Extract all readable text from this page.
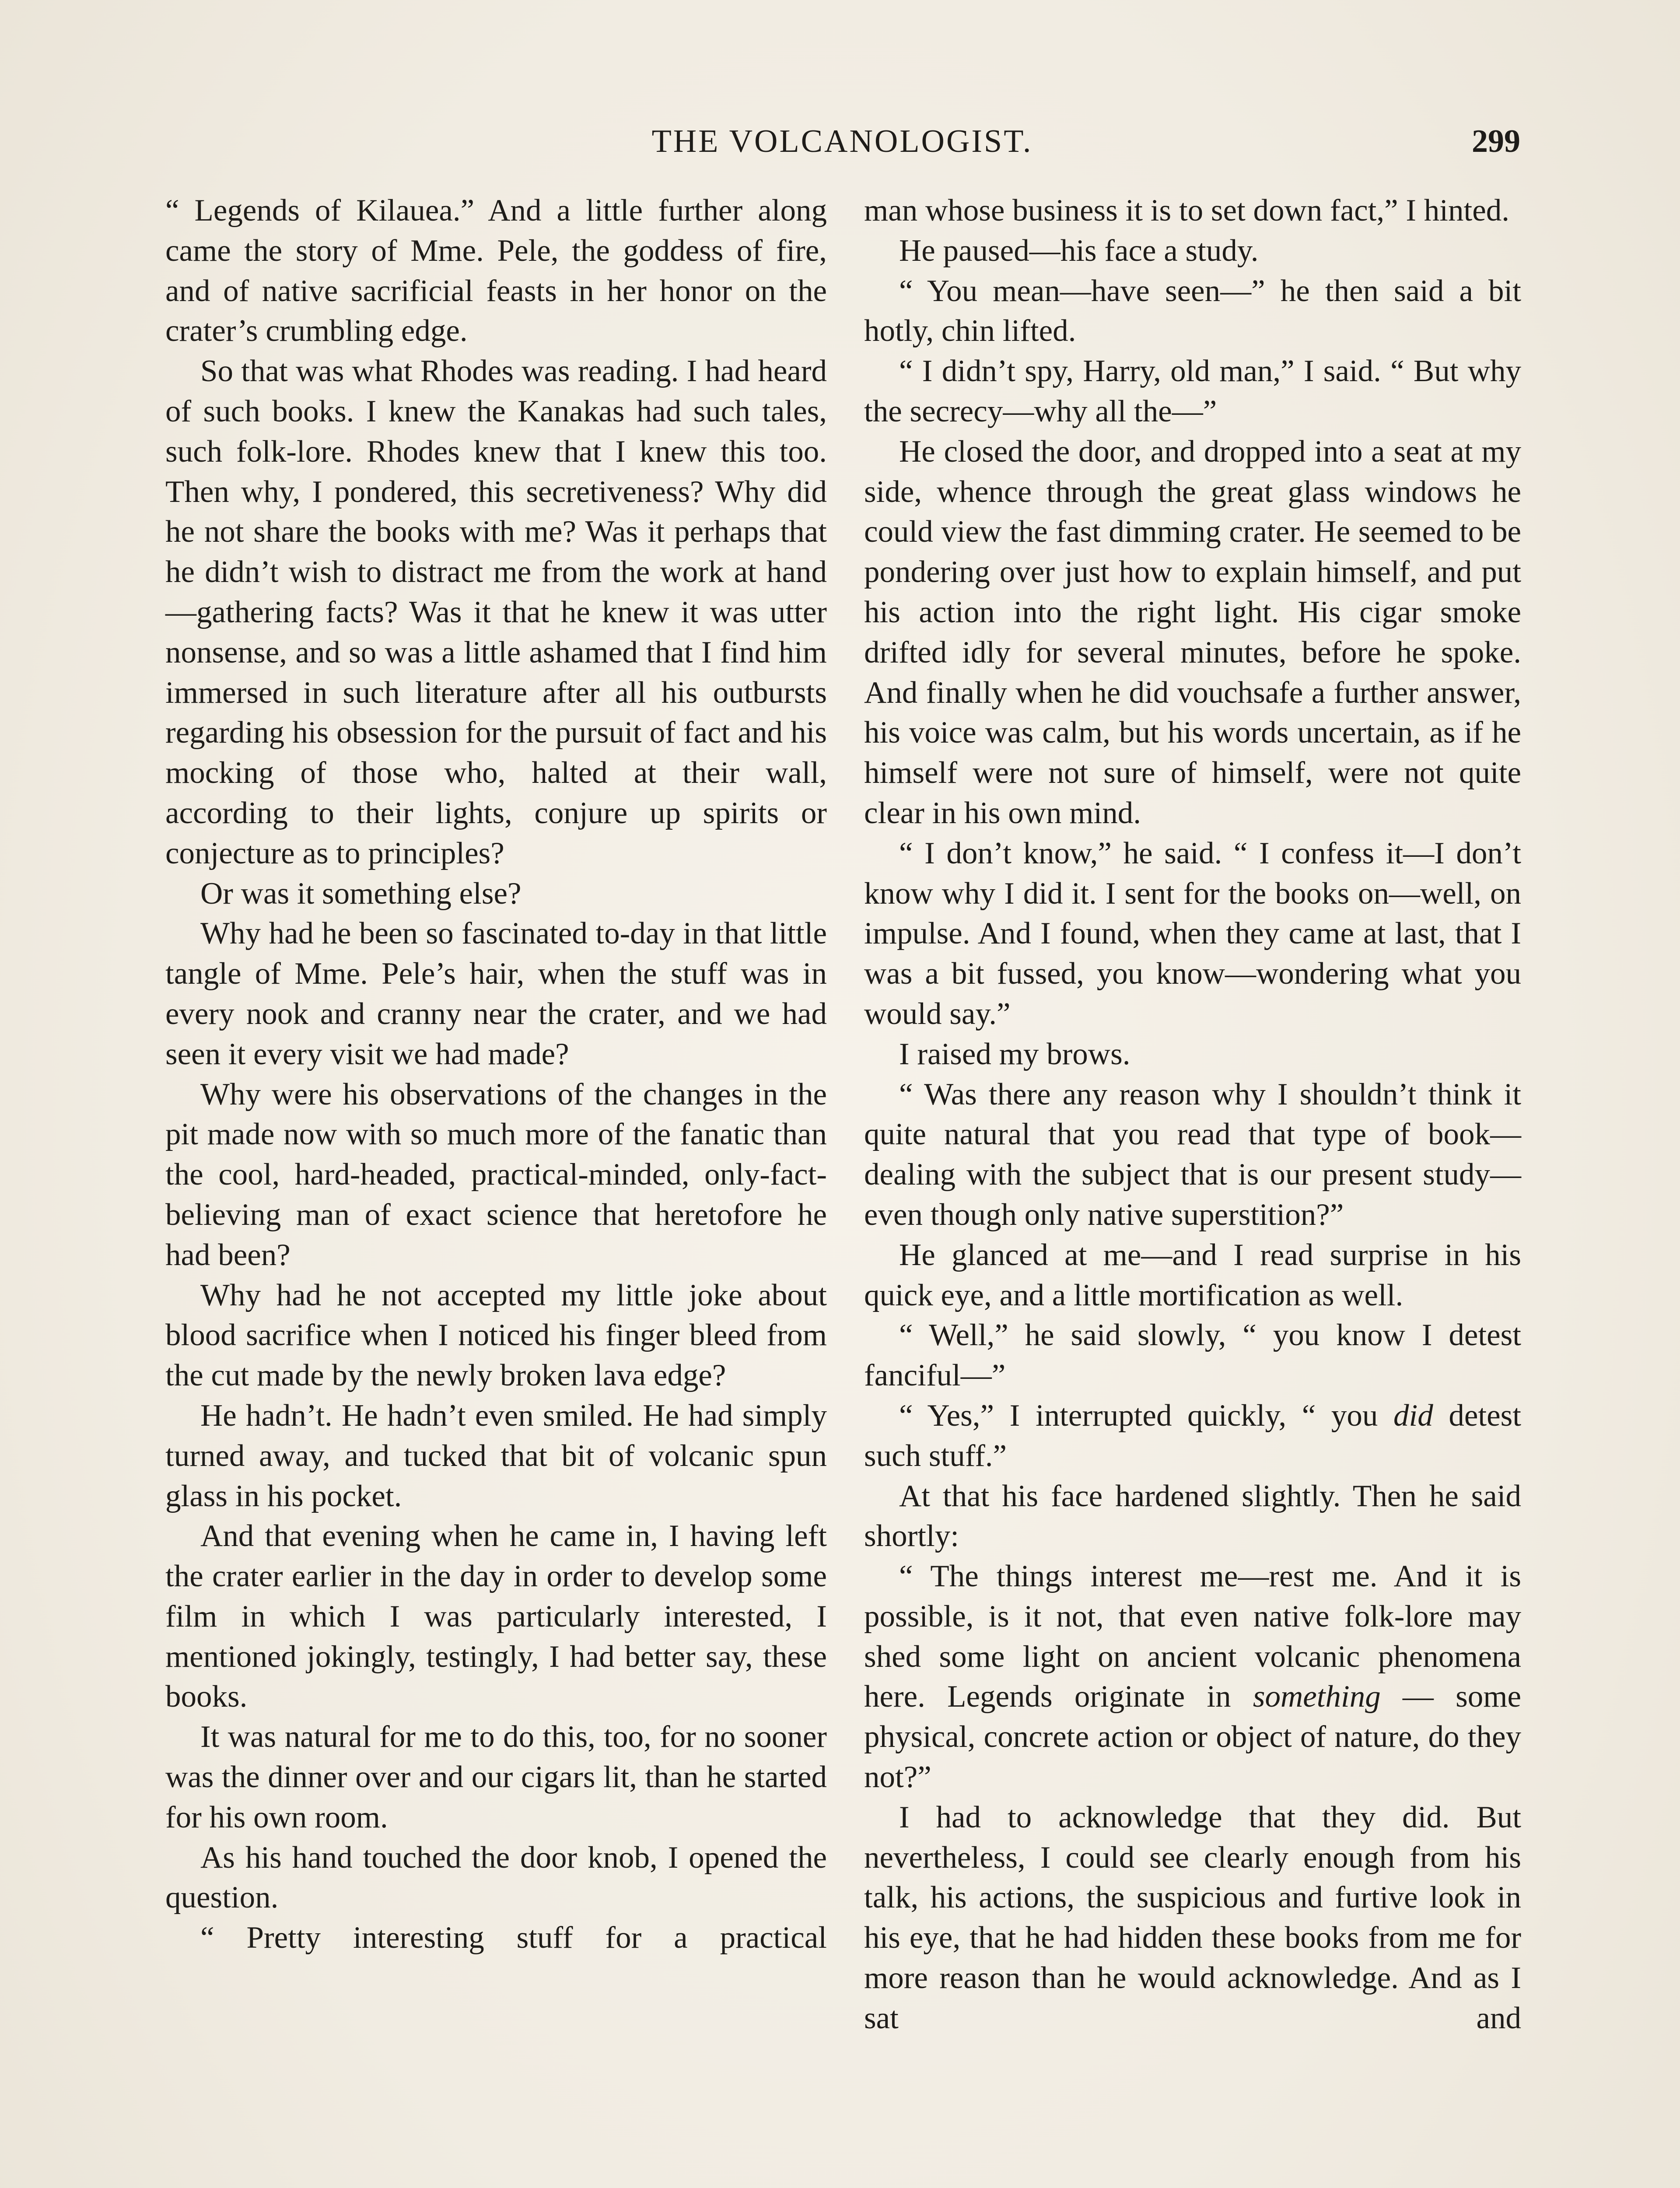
THE VOLCANOLOGIST.	299

“ Legends of Kilauea.” And a little further along came the story of Mme. Pele, the goddess of fire, and of native sacrificial feasts in her honor on the crater’s crumbling edge.

So that was what Rhodes was reading. I had heard of such books. I knew the Kanakas had such tales, such folk-lore. Rhodes knew that I knew this too. Then why, I pondered, this secretiveness? Why did he not share the books with me? Was it perhaps that he didn’t wish to distract me from the work at hand—gathering facts? Was it that he knew it was utter nonsense, and so was a little ashamed that I find him immersed in such literature after all his outbursts regarding his obsession for the pursuit of fact and his mocking of those who, halted at their wall, according to their lights, conjure up spirits or conjecture as to principles?

Or was it something else?

Why had he been so fascinated to-day in that little tangle of Mme. Pele’s hair, when the stuff was in every nook and cranny near the crater, and we had seen it every visit we had made?

Why were his observations of the changes in the pit made now with so much more of the fanatic than the cool, hard-headed, practical-minded, only-fact-believing man of exact science that heretofore he had been?

Why had he not accepted my little joke about blood sacrifice when I noticed his finger bleed from the cut made by the newly broken lava edge?

He hadn’t. He hadn’t even smiled. He had simply turned away, and tucked that bit of volcanic spun glass in his pocket.

And that evening when he came in, I having left the crater earlier in the day in order to develop some film in which I was particularly interested, I mentioned jokingly, testingly, I had better say, these books.

It was natural for me to do this, too, for no sooner was the dinner over and our cigars lit, than he started for his own room.

As his hand touched the door knob, I opened the question.

“ Pretty interesting stuff for a practical

man whose business it is to set down fact,” I hinted.

He paused—his face a study.

“ You mean—have seen—” he then said a bit hotly, chin lifted.

“ I didn’t spy, Harry, old man,” I said. “ But why the secrecy—why all the—”

He closed the door, and dropped into a seat at my side, whence through the great glass windows he could view the fast dimming crater. He seemed to be pondering over just how to explain himself, and put his action into the right light. His cigar smoke drifted idly for several minutes, before he spoke. And finally when he did vouchsafe a further answer, his voice was calm, but his words uncertain, as if he himself were not sure of himself, were not quite clear in his own mind.

“ I don’t know,” he said. “ I confess it—I don’t know why I did it. I sent for the books on—well, on impulse. And I found, when they came at last, that I was a bit fussed, you know—wondering what you would say.”

I raised my brows.

“ Was there any reason why I shouldn’t think it quite natural that you read that type of book—dealing with the subject that is our present study—even though only native superstition?”

He glanced at me—and I read surprise in his quick eye, and a little mortification as well.

“ Well,” he said slowly, “ you know I detest fanciful—”

“ Yes,” I interrupted quickly, “ you did detest such stuff.”

At that his face hardened slightly. Then he said shortly:

“ The things interest me—rest me. And it is possible, is it not, that even native folk-lore may shed some light on ancient volcanic phenomena here. Legends originate in something — some physical, concrete action or object of nature, do they not?”

I had to acknowledge that they did. But nevertheless, I could see clearly enough from his talk, his actions, the suspicious and furtive look in his eye, that he had hidden these books from me for more reason than he would acknowledge. And as I sat and
